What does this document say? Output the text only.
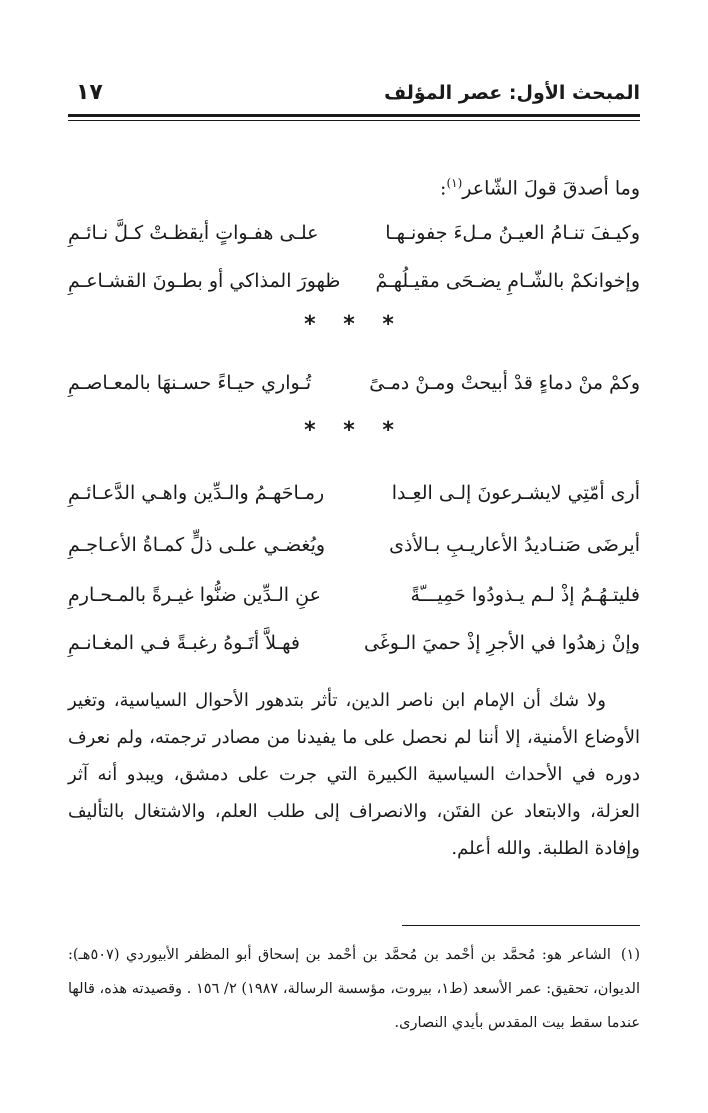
المبحث الأول: عصر المؤلف
١٧
وما أصدقَ قولَ الشّاعر$^{(١)}$:
وكيـفَ تنـامُ العيـنُ مـلءَ جفونـهـا
علـى هفـواتٍ أيقظـتْ كـلَّ نـائـمِ
وإخوانكمْ بالشّـامِ يضـحَى مقيـلُهـمْ
ظهورَ المذاكي أو بطـونَ القشـاعـمِ
* * *
وكمْ منْ دماءٍ قدْ أبيحتْ ومـنْ دمـىً
تُـواري حيـاءً حسـنهَا بالمعـاصـمِ
* * *
أرى أمّتِي لايشـرعونَ إلـى العِـدا
رمـاحَهـمُ والـدِّين واهـي الدَّعـائـمِ
أيرضَى صَنـاديدُ الأعاريـبِ بـالأذى
ويُغضـي علـى ذلٍّ كمـاةُ الأعـاجـمِ
فليتـهُـمُ إذْ لـم يـذودُوا حَمِيـــّةً
عنِ الـدِّين ضنُّوا غيـرةً بالمـحـارمِ
وإنْ زهدُوا في الأجرِ إذْ حميَ الـوغَى
فهـلاَّ أتَـوهُ رغبـةً فـي المغـانـمِ
ولا شك أن الإمام ابن ناصر الدين، تأثر بتدهور الأحوال السياسية، وتغير الأوضاع الأمنية، إلا أننا لم نحصل على ما يفيدنا من مصادر ترجمته، ولم نعرف دوره في الأحداث السياسية الكبيرة التي جرت على دمشق، ويبدو أنه آثر العزلة، والابتعاد عن الفتَن، والانصراف إلى طلب العلم، والاشتغال بالتأليف وإفادة الطلبة. والله أعلم.
(١)الشاعر هو: مُحمَّد بن أحْمد بن مُحمَّد بن أحْمد بن إسحاق أبو المظفر الأبيوردي (٥٠٧هـ): الديوان، تحقيق: عمر الأسعد (ط١، بيروت، مؤسسة الرسالة، ١٩٨٧) ٢/ ١٥٦ . وقصيدته هذه، قالها عندما سقط بيت المقدس بأيدي النصارى.
